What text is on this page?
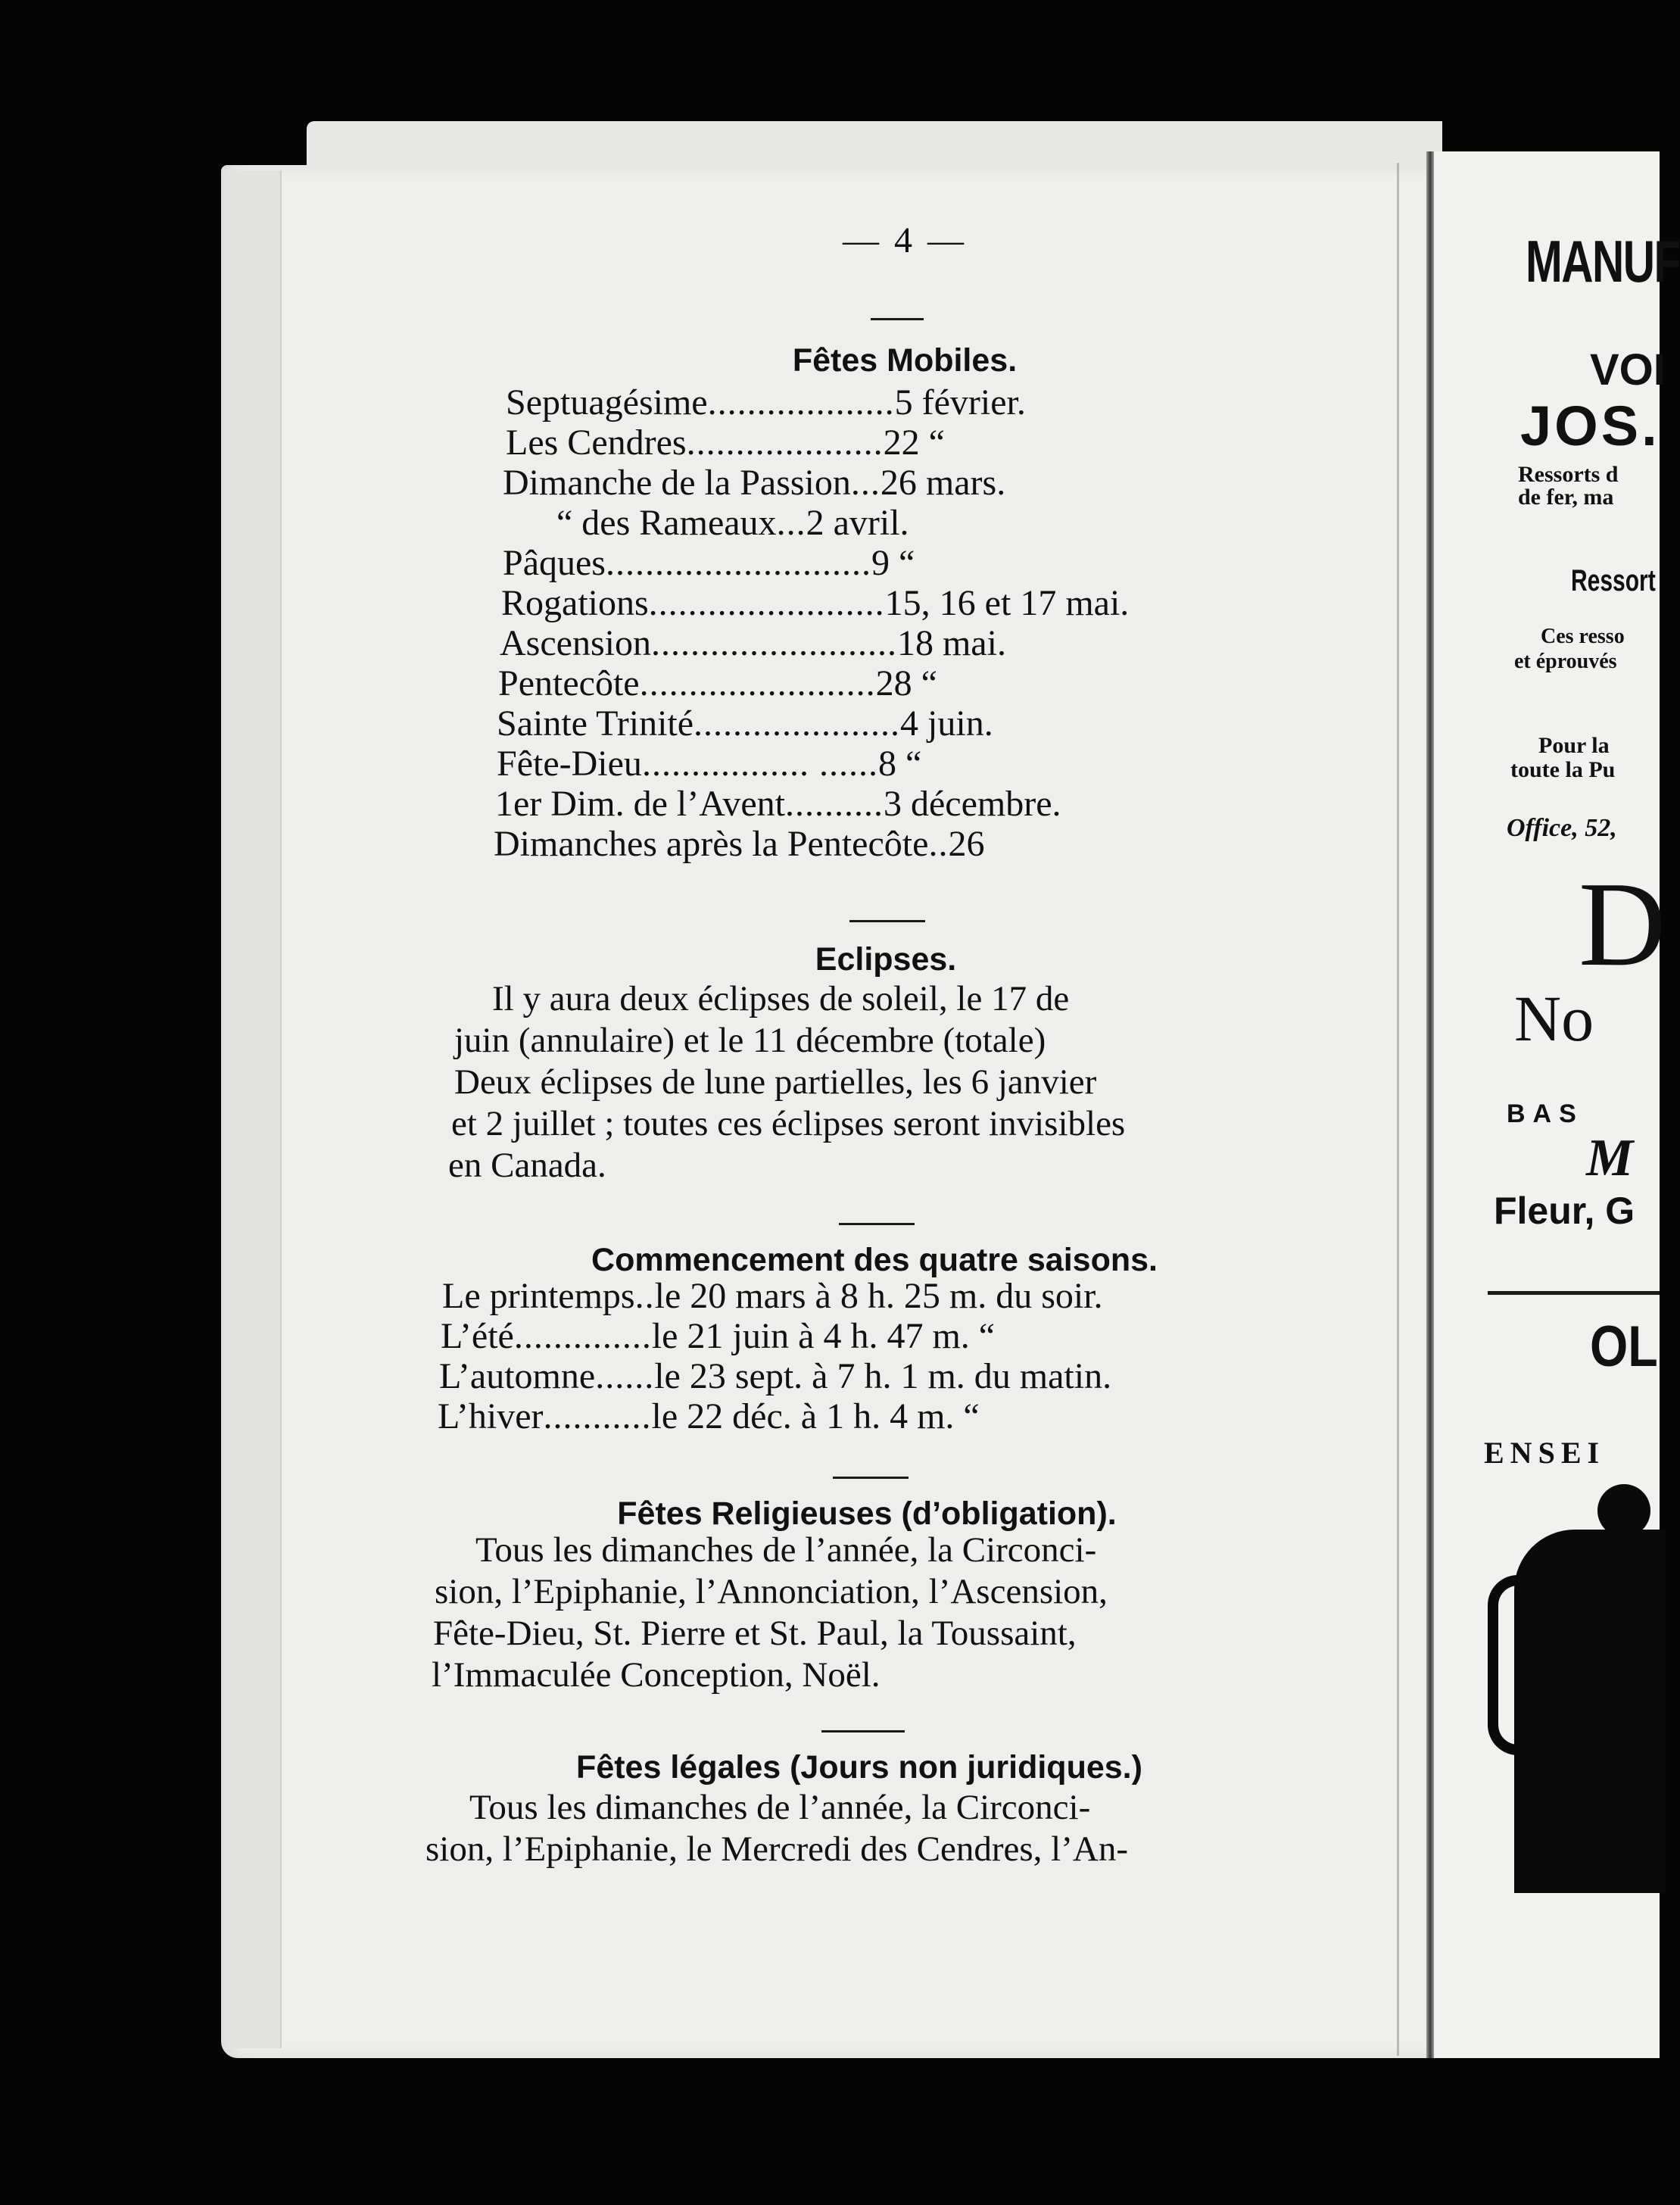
— 4 —
Fêtes Mobiles.
Septuagésime...................5 février.
Les Cendres....................22 “
Dimanche de la Passion...26 mars.
“ des Rameaux...2 avril.
Pâques...........................9 “
Rogations........................15, 16 et 17 mai.
Ascension.........................18 mai.
Pentecôte........................28 “
Sainte Trinité.....................4 juin.
Fête-Dieu................. ......8 “
1er Dim. de l’Avent..........3 décembre.
Dimanches après la Pentecôte..26
Eclipses.
Il y aura deux éclipses de soleil, le 17 de
juin (annulaire) et le 11 décembre (totale)
Deux éclipses de lune partielles, les 6 janvier
et 2 juillet ; toutes ces éclipses seront invisibles
en Canada.
Commencement des quatre saisons.
Le printemps..le 20 mars à 8 h. 25 m. du soir.
L’été..............le 21 juin à 4 h. 47 m. “
L’automne......le 23 sept. à 7 h. 1 m. du matin.
L’hiver...........le 22 déc. à 1 h. 4 m. “
Fêtes Religieuses (d’obligation).
Tous les dimanches de l’année, la Circonci-
sion, l’Epiphanie, l’Annonciation, l’Ascension,
Fête-Dieu, St. Pierre et St. Paul, la Toussaint,
l’Immaculée Conception, Noël.
Fêtes légales (Jours non juridiques.)
Tous les dimanches de l’année, la Circonci-
sion, l’Epiphanie, le Mercredi des Cendres, l’An-
MANUF
VOI
JOS.
Ressorts d
de fer, ma
Ressort
Ces resso
et éprouvés
Pour la
toute la Pu
Office, 52,
D
No
BAS
M
Fleur, G
OL
ENSEI
